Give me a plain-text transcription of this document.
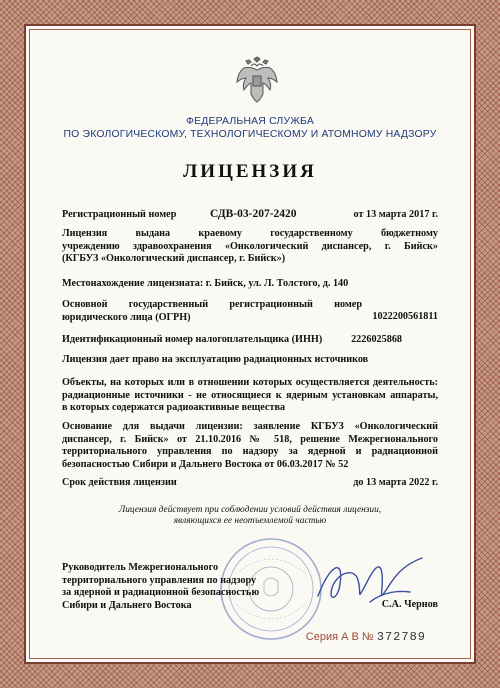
ФЕДЕРАЛЬНАЯ СЛУЖБА
ПО ЭКОЛОГИЧЕСКОМУ, ТЕХНОЛОГИЧЕСКОМУ И АТОМНОМУ НАДЗОРУ
ЛИЦЕНЗИЯ
Регистрационный номер	СДВ-03-207-2420	от 13 марта 2017 г.
Лицензия выдана краевому государственному бюджетному
учреждению здравоохранения «Онкологический диспансер, г. Бийск»
(КГБУЗ «Онкологический диспансер, г. Бийск»)
Местонахождение лицензиата: г. Бийск, ул. Л. Толстого, д. 140
Основной государственный регистрационный номер
юридического лица (ОГРН)	1022200561811
Идентификационный номер налогоплательщика (ИНН)	2226025868
Лицензия дает право на эксплуатацию радиационных источников
Объекты, на которых или в отношении которых осуществляется деятельность:
радиационные источники - не относящиеся к ядерным установкам аппараты,
в которых содержатся радиоактивные вещества
Основание для выдачи лицензии: заявление КГБУЗ «Онкологический
диспансер, г. Бийск» от 21.10.2016 № 518, решение Межрегионального
территориального управления по надзору за ядерной и радиационной
безопасностью Сибири и Дальнего Востока от 06.03.2017 № 52
Срок действия лицензии	до 13 марта 2022 г.
Лицензия действует при соблюдении условий действия лицензии,
являющихся ее неотъемлемой частью
Руководитель Межрегионального
территориального управления по надзору
за ядерной и радиационной безопасностью
Сибири и Дальнего Востока	С.А. Чернов
Серия А В № 372789
